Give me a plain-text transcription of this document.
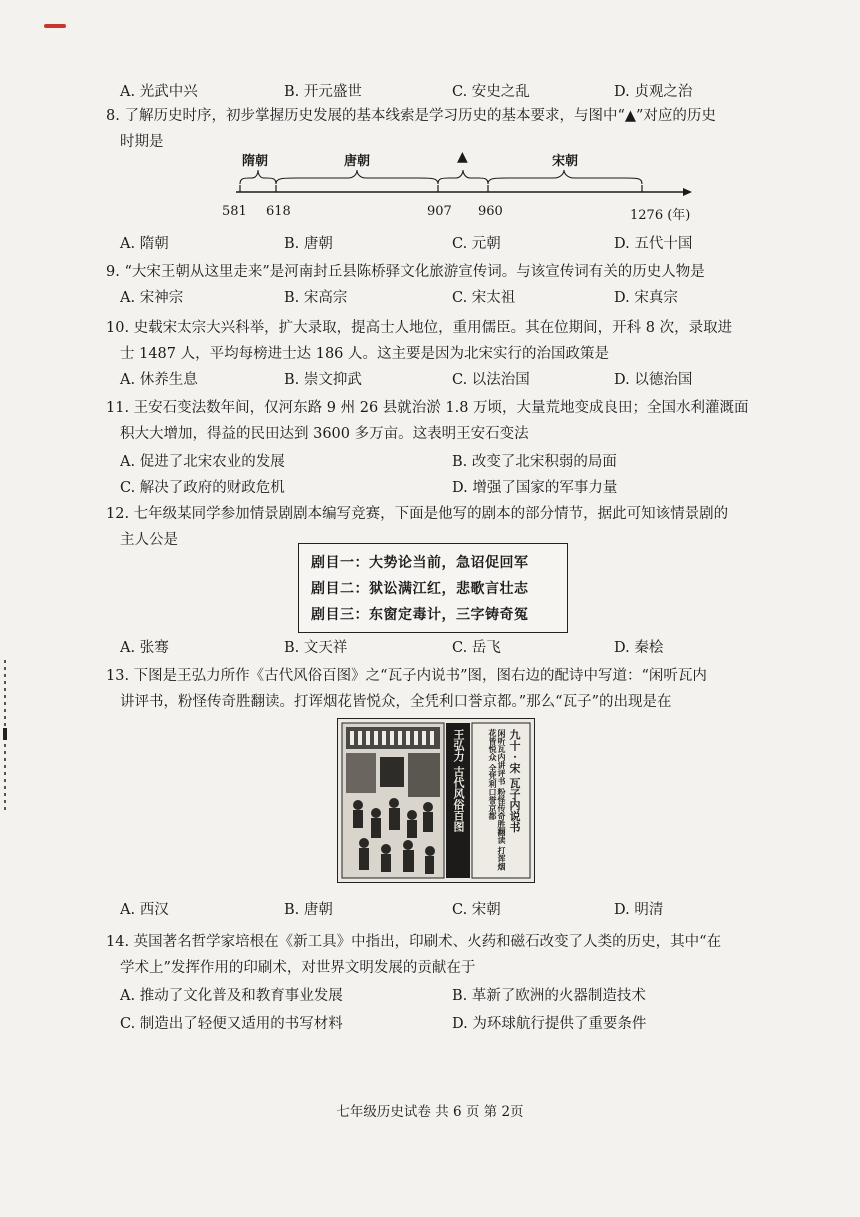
A. 光武中兴	B. 开元盛世	C. 安史之乱	D. 贞观之治
8. 了解历史时序，初步掌握历史发展的基本线索是学习历史的基本要求，与图中“▲”对应的历史
时期是
隋朝	唐朝	▲	宋朝
581 618	907 960	1276 (年)
A. 隋朝	B. 唐朝	C. 元朝	D. 五代十国
9. “大宋王朝从这里走来”是河南封丘县陈桥驿文化旅游宣传词。与该宣传词有关的历史人物是
A. 宋神宗	B. 宋高宗	C. 宋太祖	D. 宋真宗
10. 史载宋太宗大兴科举，扩大录取，提高士人地位，重用儒臣。其在位期间，开科 8 次，录取进
士 1487 人，平均每榜进士达 186 人。这主要是因为北宋实行的治国政策是
A. 休养生息	B. 崇文抑武	C. 以法治国	D. 以德治国
11. 王安石变法数年间，仅河东路 9 州 26 县就治淤 1.8 万顷，大量荒地变成良田；全国水利灌溉面
积大大增加，得益的民田达到 3600 多万亩。这表明王安石变法
A. 促进了北宋农业的发展	B. 改变了北宋积弱的局面
C. 解决了政府的财政危机	D. 增强了国家的军事力量
12. 七年级某同学参加情景剧剧本编写竞赛，下面是他写的剧本的部分情节，据此可知该情景剧的
主人公是
剧目一：大势论当前，急诏促回军
剧目二：狱讼满江红，悲歌言壮志
剧目三：东窗定毒计，三字铸奇冤
A. 张骞	B. 文天祥	C. 岳飞	D. 秦桧
13. 下图是王弘力所作《古代风俗百图》之“瓦子内说书”图，图右边的配诗中写道：“闲听瓦内
讲评书，粉怪传奇胜翻读。打诨烟花皆悦众，全凭利口誉京都。”那么“瓦子”的出现是在
王弘力 古代风俗百图	九十 · 宋 瓦子内说书
闲听瓦内讲评书 粉怪传奇胜翻读 打诨烟花皆悦众 全凭利口誉京都
A. 西汉	B. 唐朝	C. 宋朝	D. 明清
14. 英国著名哲学家培根在《新工具》中指出，印刷术、火药和磁石改变了人类的历史，其中“在
学术上”发挥作用的印刷术，对世界文明发展的贡献在于
A. 推动了文化普及和教育事业发展	B. 革新了欧洲的火器制造技术
C. 制造出了轻便又适用的书写材料	D. 为环球航行提供了重要条件
七年级历史试卷 共 6 页 第 2页
